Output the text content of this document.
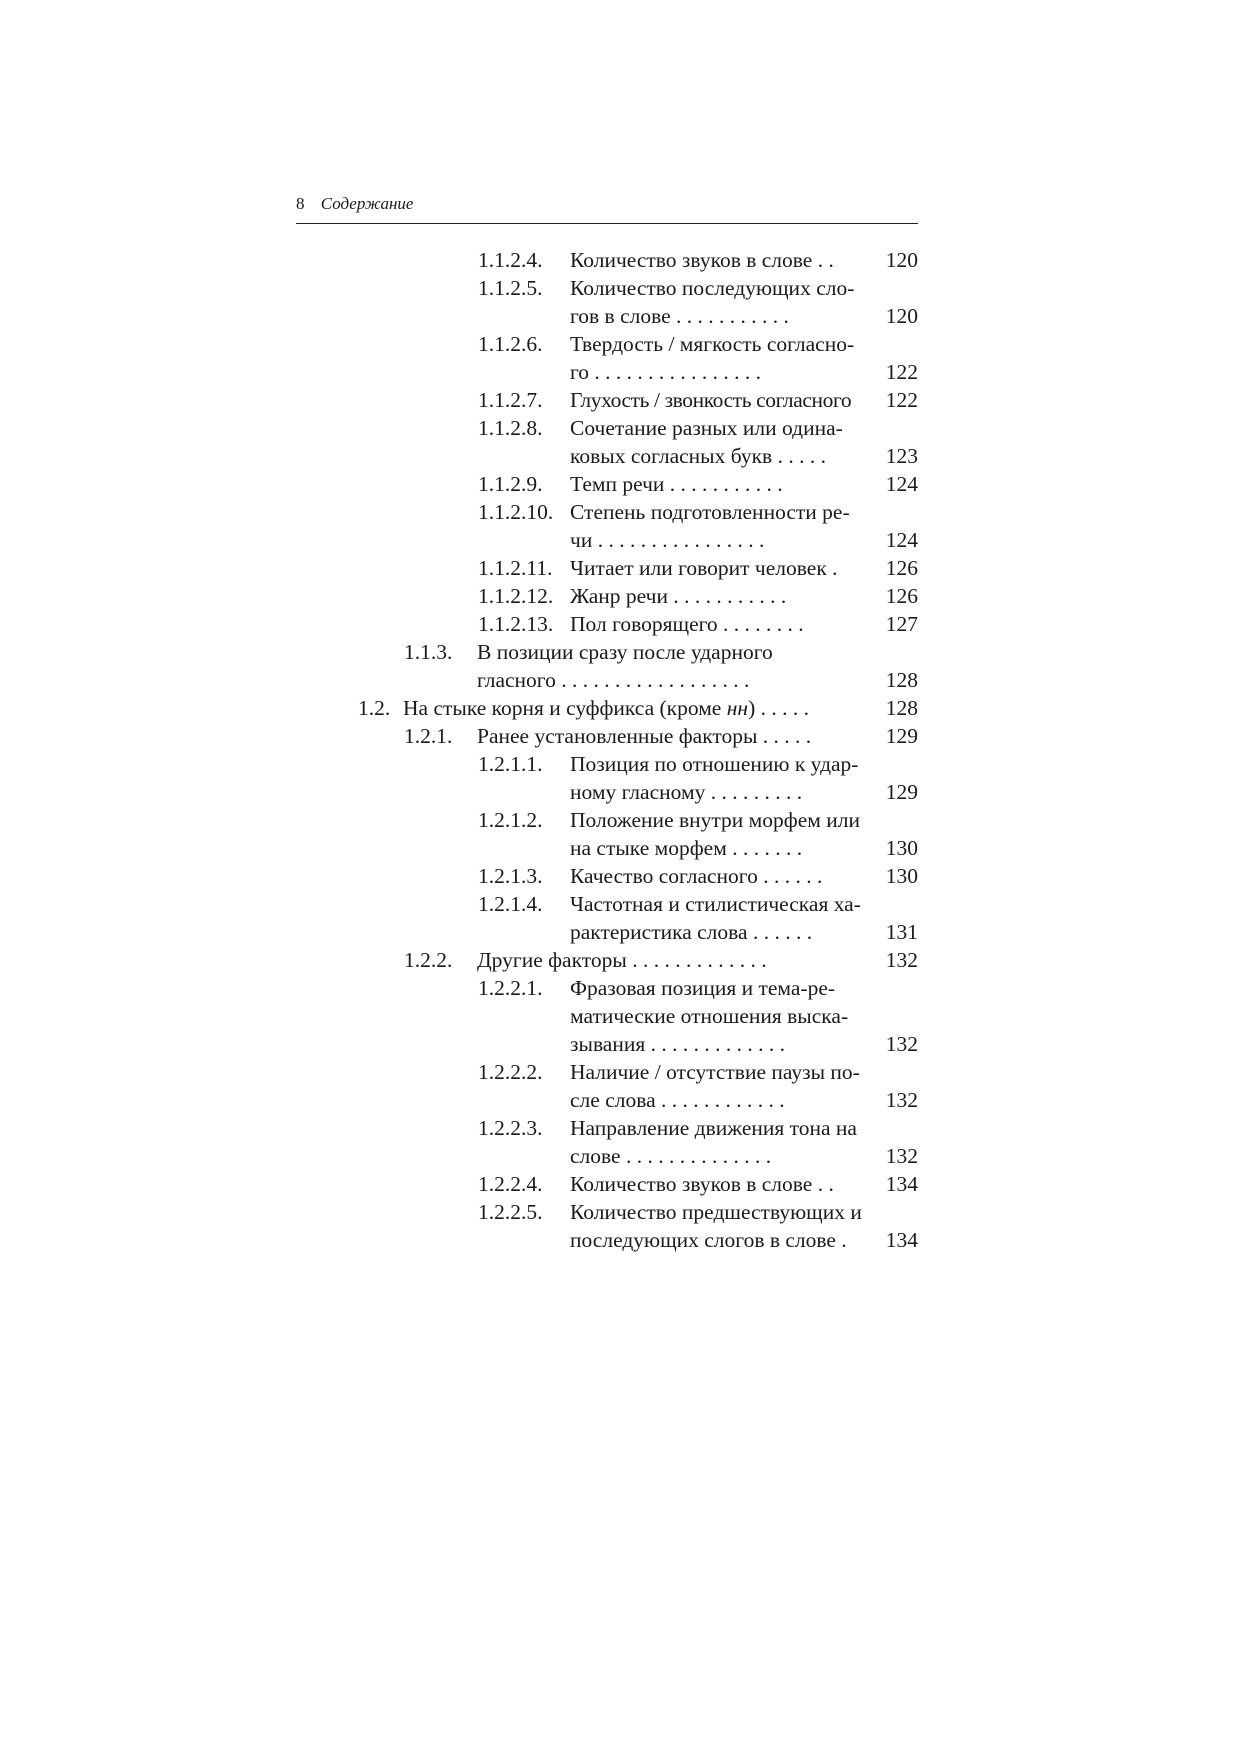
8 Содержание
1.1.2.4. Количество звуков в слове . .	120
1.1.2.5. Количество последующих сло-
гов в слове . . . . . . . . . . .	120
1.1.2.6. Твердость / мягкость согласно-
го . . . . . . . . . . . . . . . .	122
1.1.2.7. Глухость / звонкость согласного	122
1.1.2.8. Сочетание разных или одина-
ковых согласных букв . . . . .	123
1.1.2.9. Темп речи . . . . . . . . . . .	124
1.1.2.10. Степень подготовленности ре-
чи . . . . . . . . . . . . . . . .	124
1.1.2.11. Читает или говорит человек .	126
1.1.2.12. Жанр речи . . . . . . . . . . .	126
1.1.2.13. Пол говорящего . . . . . . . .	127
1.1.3. В позиции сразу после ударного
гласного . . . . . . . . . . . . . . . . . .	128
1.2. На стыке корня и суффикса (кроме нн) . . . . .	128
1.2.1. Ранее установленные факторы . . . . .	129
1.2.1.1. Позиция по отношению к удар-
ному гласному . . . . . . . . .	129
1.2.1.2. Положение внутри морфем или
на стыке морфем . . . . . . .	130
1.2.1.3. Качество согласного . . . . . .	130
1.2.1.4. Частотная и стилистическая ха-
рактеристика слова . . . . . .	131
1.2.2. Другие факторы . . . . . . . . . . . . .	132
1.2.2.1. Фразовая позиция и тема-ре-
матические отношения выска-
зывания . . . . . . . . . . . . .	132
1.2.2.2. Наличие / отсутствие паузы по-
сле слова . . . . . . . . . . . .	132
1.2.2.3. Направление движения тона на
слове . . . . . . . . . . . . . .	132
1.2.2.4. Количество звуков в слове . .	134
1.2.2.5. Количество предшествующих и
последующих слогов в слове .	134
